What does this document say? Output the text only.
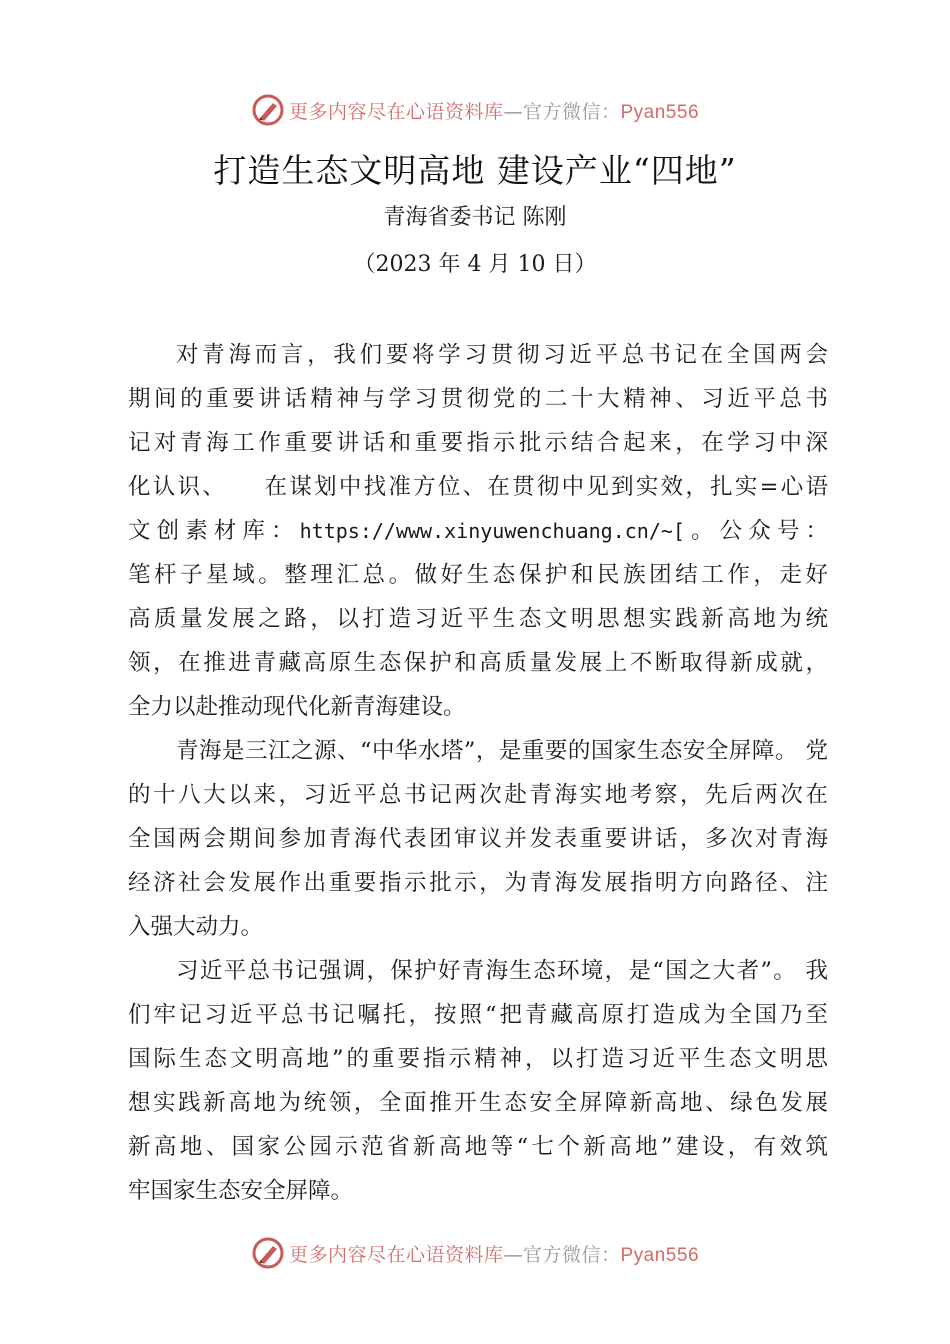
更多内容尽在心语资料库—官方微信：Pyan556
打造生态文明高地 建设产业“四地”
青海省委书记 陈刚
（2023 年 4 月 10 日）
对青海而言，我们要将学习贯彻习近平总书记在全国两会
期间的重要讲话精神与学习贯彻党的二十大精神、习近平总书
记对青海工作重要讲话和重要指示批示结合起来，在学习中深
化认识、    在谋划中找准方位、在贯彻中见到实效，扎实=心语
文创素材库：https://www.xinyuwenchuang.cn/~[。公众号：
笔杆子星域。整理汇总。做好生态保护和民族团结工作，走好
高质量发展之路，以打造习近平生态文明思想实践新高地为统
领，在推进青藏高原生态保护和高质量发展上不断取得新成就，
全力以赴推动现代化新青海建设。
青海是三江之源、“中华水塔”，是重要的国家生态安全屏障。 党
的十八大以来，习近平总书记两次赴青海实地考察，先后两次在
全国两会期间参加青海代表团审议并发表重要讲话，多次对青海
经济社会发展作出重要指示批示，为青海发展指明方向路径、注
入强大动力。
习近平总书记强调，保护好青海生态环境，是“国之大者”。 我
们牢记习近平总书记嘱托，按照“把青藏高原打造成为全国乃至
国际生态文明高地”的重要指示精神，以打造习近平生态文明思
想实践新高地为统领，全面推开生态安全屏障新高地、绿色发展
新高地、国家公园示范省新高地等“七个新高地”建设，有效筑
牢国家生态安全屏障。
更多内容尽在心语资料库—官方微信：Pyan556
